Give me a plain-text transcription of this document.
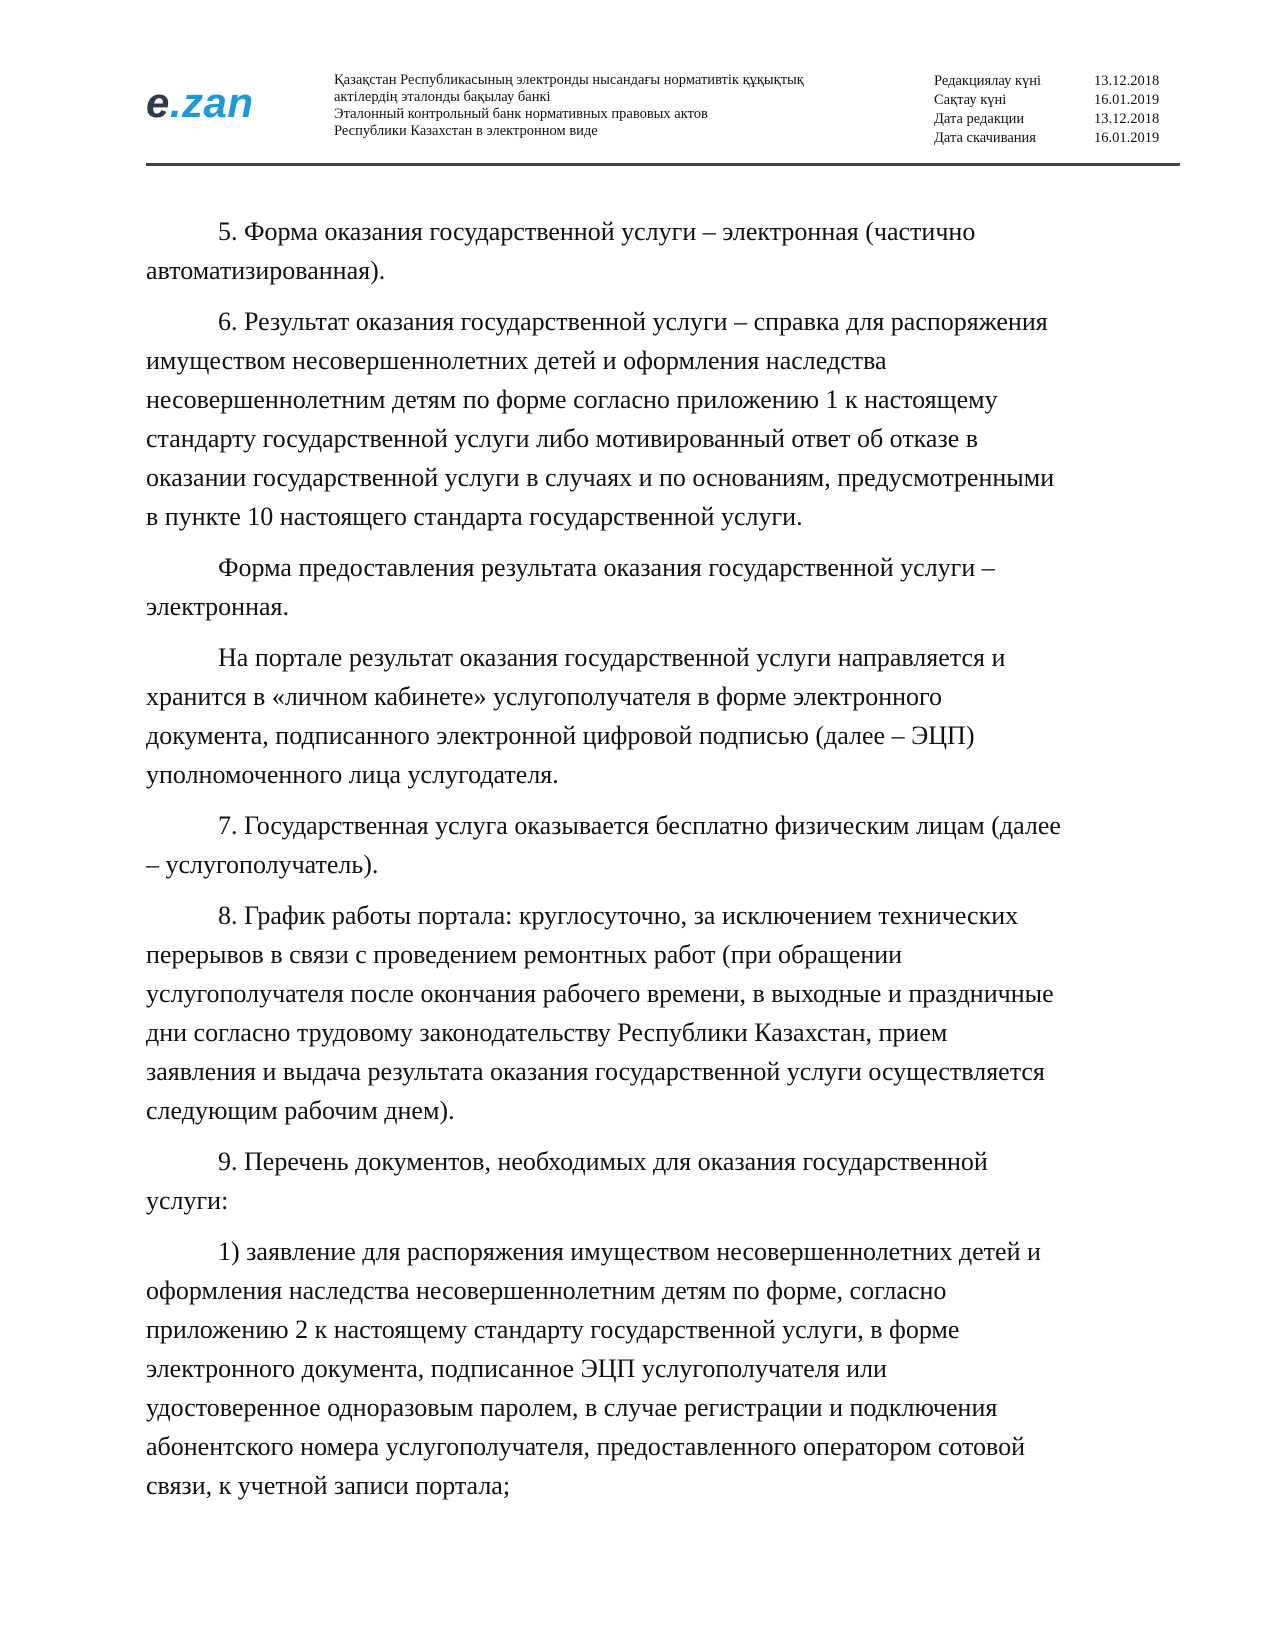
e.zan	Қазақстан Республикасының электронды нысандағы нормативтік құқықтық
актілердің эталонды бақылау банкі
Эталонный контрольный банк нормативных правовых актов
Республики Казахстан в электронном виде
Редакциялау күні	13.12.2018
Сақтау күні	16.01.2019
Дата редакции	13.12.2018
Дата скачивания	16.01.2019

5. Форма оказания государственной услуги – электронная (частично
автоматизированная).

6. Результат оказания государственной услуги – справка для распоряжения
имуществом несовершеннолетних детей и оформления наследства
несовершеннолетним детям по форме согласно приложению 1 к настоящему
стандарту государственной услуги либо мотивированный ответ об отказе в
оказании государственной услуги в случаях и по основаниям, предусмотренными
в пункте 10 настоящего стандарта государственной услуги.

Форма предоставления результата оказания государственной услуги –
электронная.

На портале результат оказания государственной услуги направляется и
хранится в «личном кабинете» услугополучателя в форме электронного
документа, подписанного электронной цифровой подписью (далее – ЭЦП)
уполномоченного лица услугодателя.

7. Государственная услуга оказывается бесплатно физическим лицам (далее
– услугополучатель).

8. График работы портала: круглосуточно, за исключением технических
перерывов в связи с проведением ремонтных работ (при обращении
услугополучателя после окончания рабочего времени, в выходные и праздничные
дни согласно трудовому законодательству Республики Казахстан, прием
заявления и выдача результата оказания государственной услуги осуществляется
следующим рабочим днем).

9. Перечень документов, необходимых для оказания государственной
услуги:

1) заявление для распоряжения имуществом несовершеннолетних детей и
оформления наследства несовершеннолетним детям по форме, согласно
приложению 2 к настоящему стандарту государственной услуги, в форме
электронного документа, подписанное ЭЦП услугополучателя или
удостоверенное одноразовым паролем, в случае регистрации и подключения
абонентского номера услугополучателя, предоставленного оператором сотовой
связи, к учетной записи портала;
